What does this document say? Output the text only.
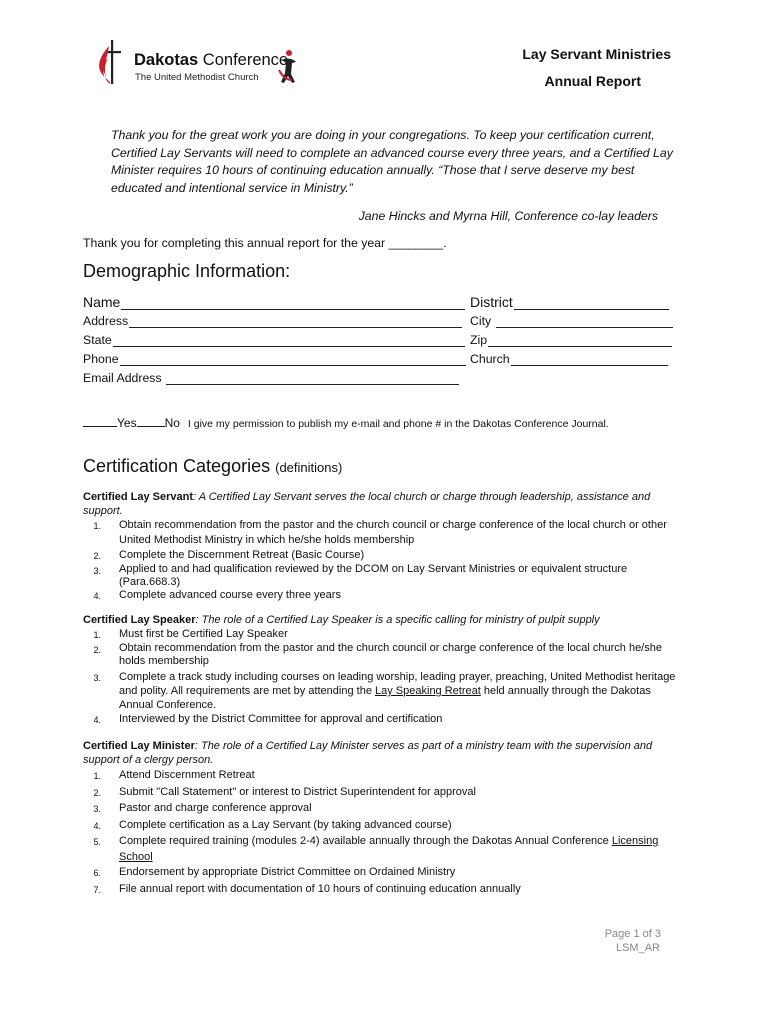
Dakotas Conference
The United Methodist Church
Lay Servant Ministries
Annual Report
Thank you for the great work you are doing in your congregations. To keep your certification current, Certified Lay Servants will need to complete an advanced course every three years, and a Certified Lay Minister requires 10 hours of continuing education annually. “Those that I serve deserve my best educated and intentional service in Ministry.”
Jane Hincks and Myrna Hill, Conference co-lay leaders
Thank you for completing this annual report for the year ________.
Demographic Information:
Name	District
Address	City
State	Zip
Phone	Church
Email Address
Yes No I give my permission to publish my e-mail and phone # in the Dakotas Conference Journal.
Certification Categories (definitions)
Certified Lay Servant: A Certified Lay Servant serves the local church or charge through leadership, assistance and support.
1. Obtain recommendation from the pastor and the church council or charge conference of the local church or other United Methodist Ministry in which he/she holds membership
2. Complete the Discernment Retreat (Basic Course)
3. Applied to and had qualification reviewed by the DCOM on Lay Servant Ministries or equivalent structure (Para.668.3)
4. Complete advanced course every three years
Certified Lay Speaker: The role of a Certified Lay Speaker is a specific calling for ministry of pulpit supply
1. Must first be Certified Lay Speaker
2. Obtain recommendation from the pastor and the church council or charge conference of the local church he/she holds membership
3. Complete a track study including courses on leading worship, leading prayer, preaching, United Methodist heritage and polity. All requirements are met by attending the Lay Speaking Retreat held annually through the Dakotas Annual Conference.
4. Interviewed by the District Committee for approval and certification
Certified Lay Minister: The role of a Certified Lay Minister serves as part of a ministry team with the supervision and support of a clergy person.
1. Attend Discernment Retreat
2. Submit "Call Statement" or interest to District Superintendent for approval
3. Pastor and charge conference approval
4. Complete certification as a Lay Servant (by taking advanced course)
5. Complete required training (modules 2-4) available annually through the Dakotas Annual Conference Licensing School
6. Endorsement by appropriate District Committee on Ordained Ministry
7. File annual report with documentation of 10 hours of continuing education annually
Page 1 of 3
LSM_AR
